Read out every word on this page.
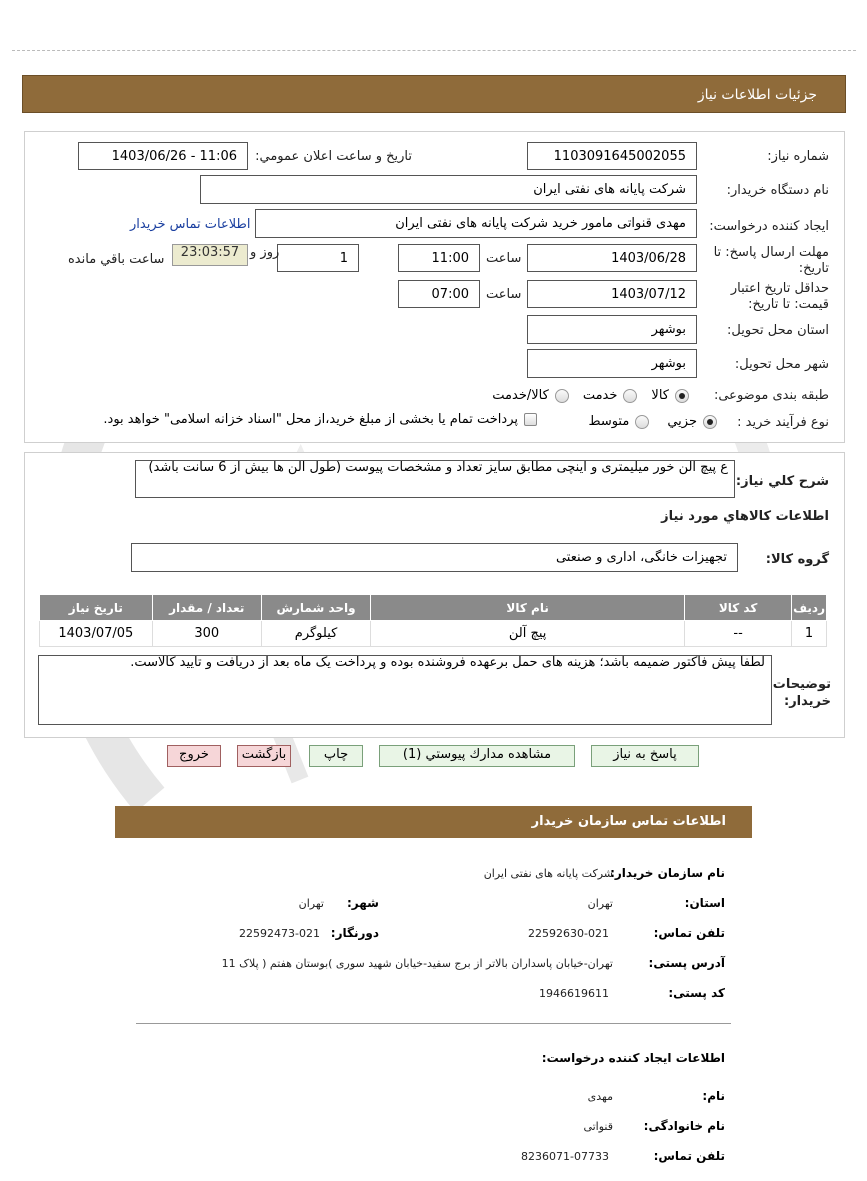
جزئيات اطلاعات نياز
شماره نیاز:
1103091645002055
تاریخ و ساعت اعلان عمومي:
1403/06/26 - 11:06
نام دستگاه خریدار:
شرکت پایانه های نفتی ایران
ایجاد کننده درخواست:
مهدی قنواتی مامور خرید شرکت پایانه های نفتی ایران
اطلاعات تماس خریدار
مهلت ارسال پاسخ: تا تاریخ:
1403/06/28
ساعت
11:00
1
روز و
23:03:57
ساعت باقي مانده
حداقل تاریخ اعتبار قیمت: تا تاریخ:
1403/07/12
ساعت
07:00
استان محل تحویل:
بوشهر
شهر محل تحویل:
بوشهر
طبقه بندی موضوعی:
کالا
خدمت
کالا/خدمت
نوع فرآیند خرید :
جزيي
متوسط
پرداخت تمام یا بخشی از مبلغ خرید،از محل "اسناد خزانه اسلامی" خواهد بود.
شرح كلي نياز:
ع پیچ الن خور میلیمتری و اینچی مطابق سایز تعداد و مشخصات پیوست (طول الن ها بیش از 6 سانت باشد)
اطلاعات كالاهاي مورد نياز
گروه كالا:
تجهیزات خانگی، اداری و صنعتی
رديف	کد کالا	نام کالا	واحد شمارش	تعداد / مقدار	تاریخ نیاز
1	--	پیچ آلن	کیلوگرم	300	1403/07/05
توضیحات خریدار:
لطفا پیش فاکتور ضمیمه باشد؛ هزینه های حمل برعهده فروشنده بوده و پرداخت یک ماه بعد از دریافت و تایید کالاست.
پاسخ به نياز
مشاهده مدارك پيوستي (1)
چاپ
بازگشت
خروج
اطلاعات تماس سازمان خریدار
نام سازمان خریدار:
شرکت پایانه های نفتی ایران
استان:
تهران
شهر:
تهران
تلفن تماس:
22592630-021
دورنگار:
22592473-021
آدرس پستی:
تهران-خیابان پاسداران بالاتر از برج سفید-خیابان شهید سوری )بوستان هفتم ( پلاک 11
کد پستی:
1946619611
اطلاعات ایجاد کننده درخواست:
نام:
مهدی
نام خانوادگی:
قنواتی
تلفن تماس:
8236071-07733
